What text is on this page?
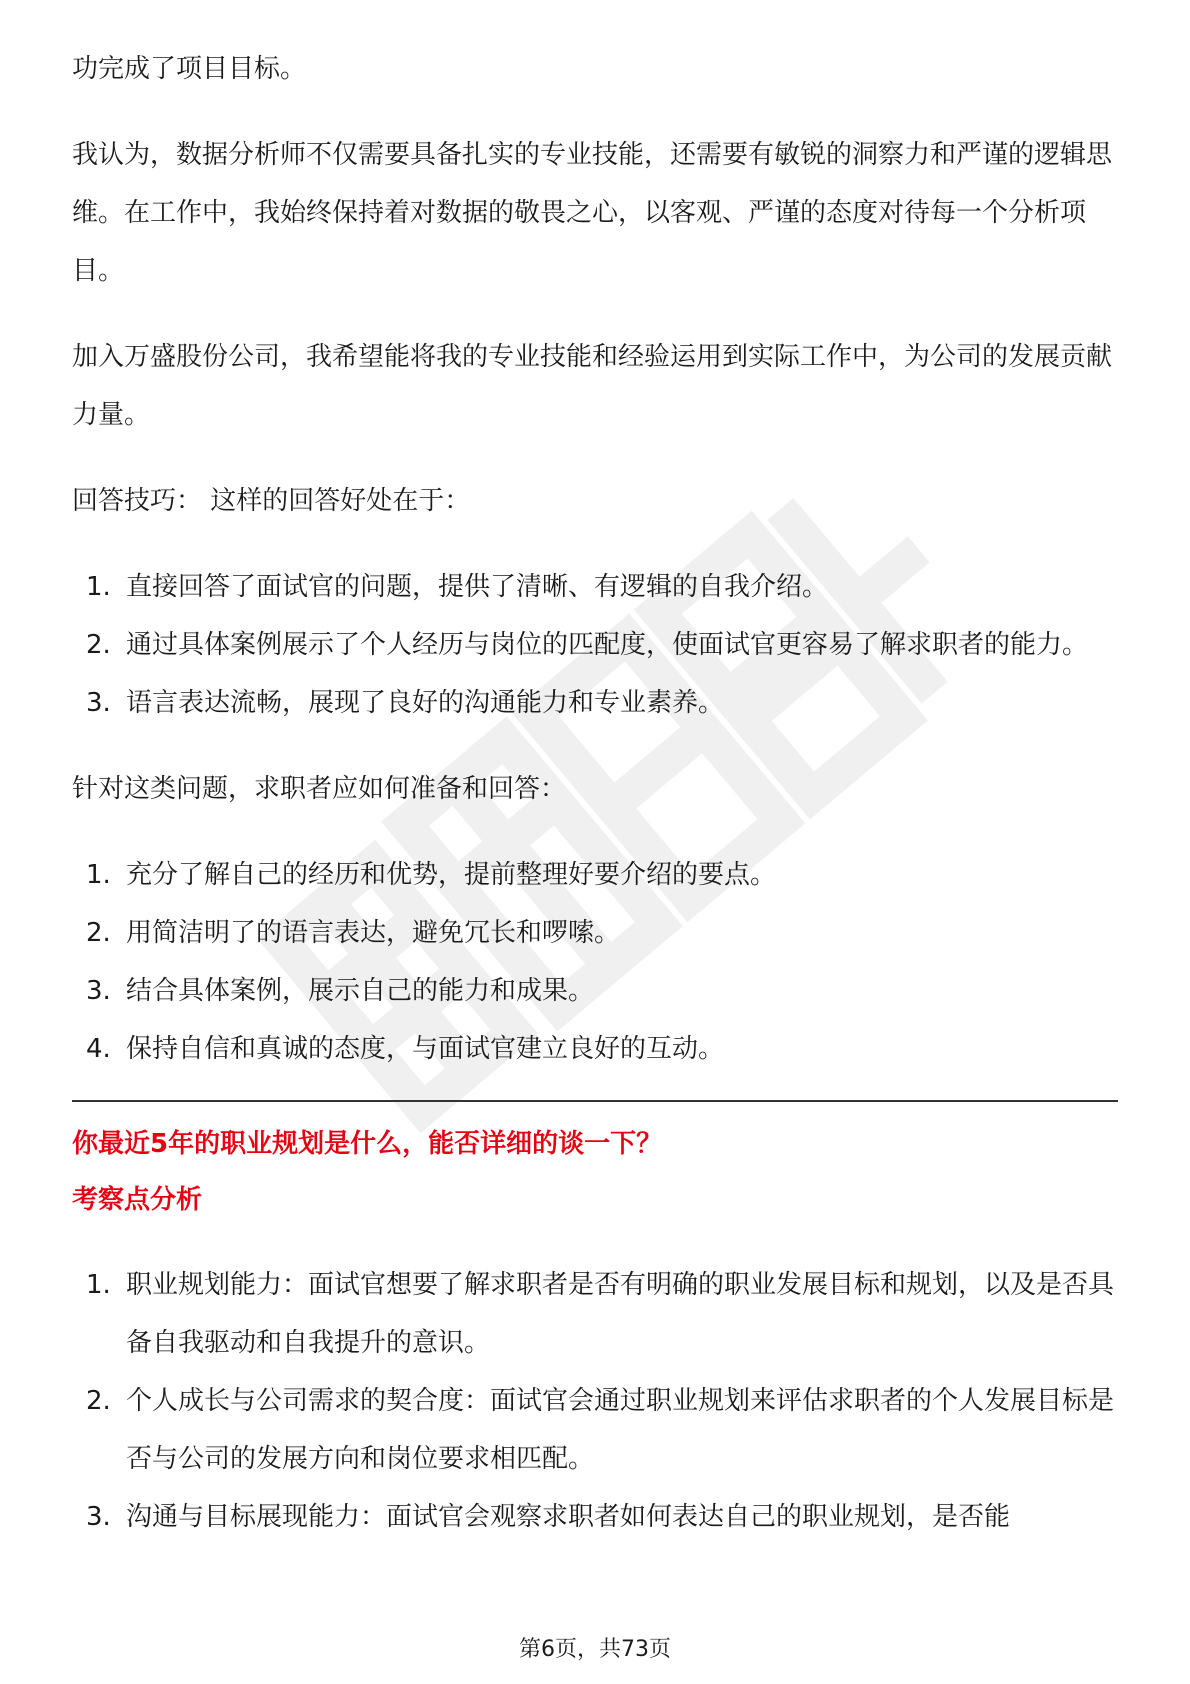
功完成了项目目标。

我认为，数据分析师不仅需要具备扎实的专业技能，还需要有敏锐的洞察力和严谨的逻辑思维。在工作中，我始终保持着对数据的敬畏之心，以客观、严谨的态度对待每一个分析项目。

加入万盛股份公司，我希望能将我的专业技能和经验运用到实际工作中，为公司的发展贡献力量。

回答技巧： 这样的回答好处在于：

1. 直接回答了面试官的问题，提供了清晰、有逻辑的自我介绍。
2. 通过具体案例展示了个人经历与岗位的匹配度，使面试官更容易了解求职者的能力。
3. 语言表达流畅，展现了良好的沟通能力和专业素养。

针对这类问题，求职者应如何准备和回答：

1. 充分了解自己的经历和优势，提前整理好要介绍的要点。
2. 用简洁明了的语言表达，避免冗长和啰嗦。
3. 结合具体案例，展示自己的能力和成果。
4. 保持自信和真诚的态度，与面试官建立良好的互动。
你最近5年的职业规划是什么，能否详细的谈一下？
考察点分析
1. 职业规划能力：面试官想要了解求职者是否有明确的职业发展目标和规划，以及是否具备自我驱动和自我提升的意识。
2. 个人成长与公司需求的契合度：面试官会通过职业规划来评估求职者的个人发展目标是否与公司的发展方向和岗位要求相匹配。
3. 沟通与目标展现能力：面试官会观察求职者如何表达自己的职业规划，是否能
第6页，共73页
